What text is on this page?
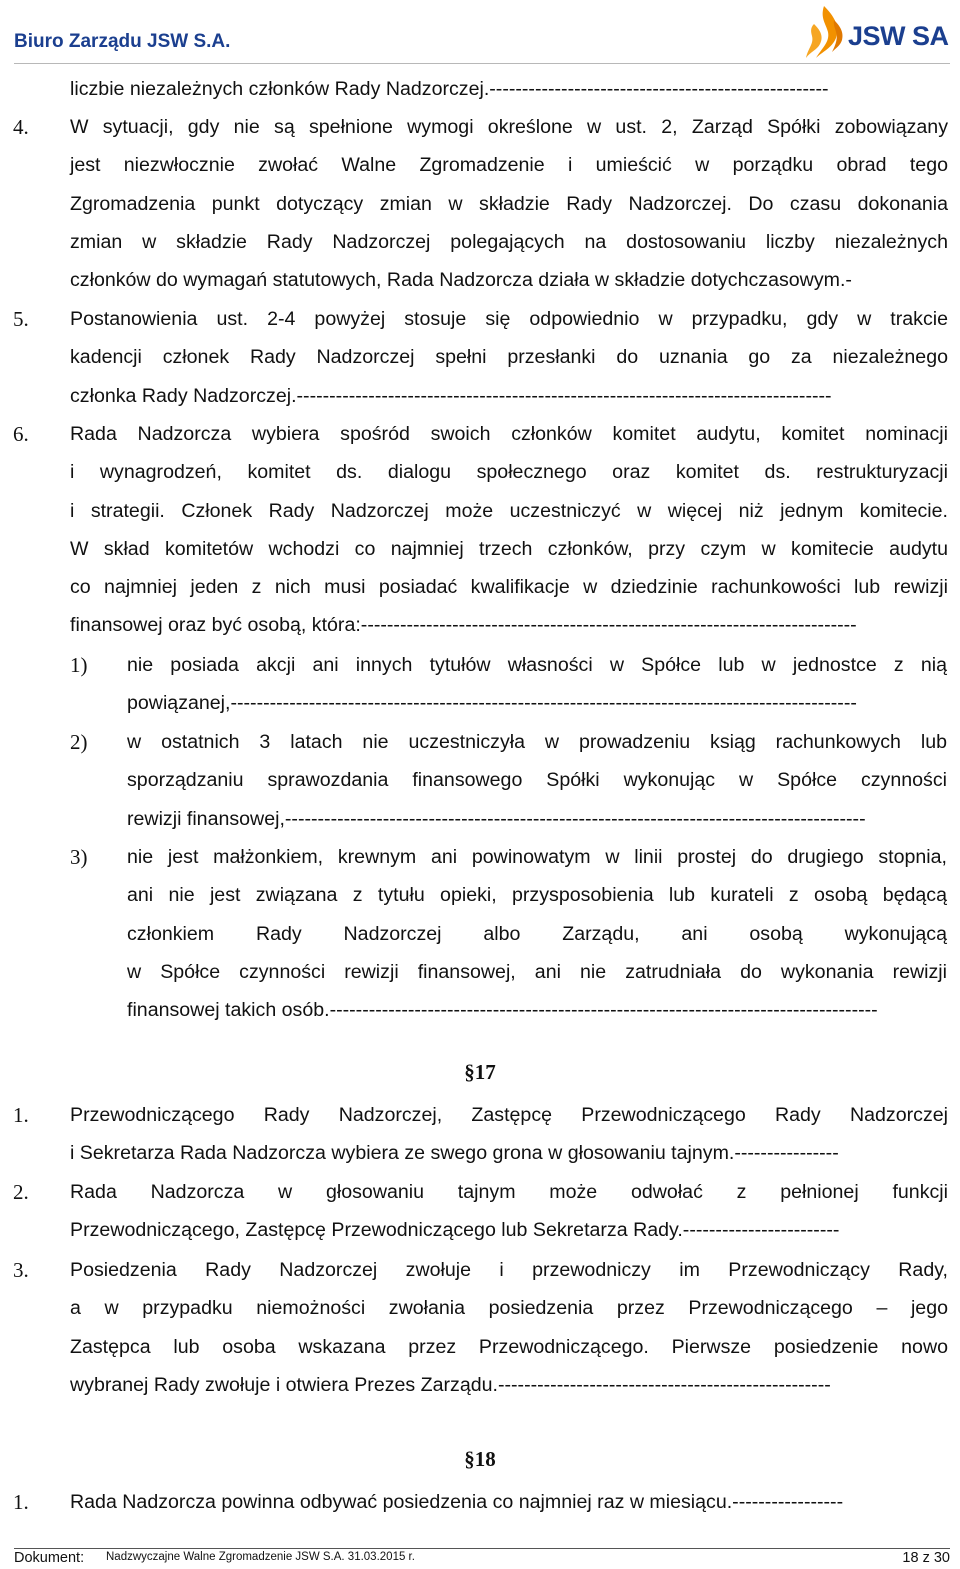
Biuro Zarządu JSW S.A.	JSW SA
liczbie niezależnych członków Rady Nadzorczej.----------------------------------------------------
4. W sytuacji, gdy nie są spełnione wymogi określone w ust. 2, Zarząd Spółki zobowiązany
jest niezwłocznie zwołać Walne Zgromadzenie i umieścić w porządku obrad tego
Zgromadzenia punkt dotyczący zmian w składzie Rady Nadzorczej. Do czasu dokonania
zmian w składzie Rady Nadzorczej polegających na dostosowaniu liczby niezależnych
członków do wymagań statutowych, Rada Nadzorcza działa w składzie dotychczasowym.-
5. Postanowienia ust. 2-4 powyżej stosuje się odpowiednio w przypadku, gdy w trakcie
kadencji członek Rady Nadzorczej spełni przesłanki do uznania go za niezależnego
członka Rady Nadzorczej.----------------------------------------------------------------------------------
6. Rada Nadzorcza wybiera spośród swoich członków komitet audytu, komitet nominacji
i wynagrodzeń, komitet ds. dialogu społecznego oraz komitet ds. restrukturyzacji
i strategii. Członek Rady Nadzorczej może uczestniczyć w więcej niż jednym komitecie.
W skład komitetów wchodzi co najmniej trzech członków, przy czym w komitecie audytu
co najmniej jeden z nich musi posiadać kwalifikacje w dziedzinie rachunkowości lub rewizji
finansowej oraz być osobą, która:----------------------------------------------------------------------------
1) nie posiada akcji ani innych tytułów własności w Spółce lub w jednostce z nią
powiązanej,------------------------------------------------------------------------------------------------
2) w ostatnich 3 latach nie uczestniczyła w prowadzeniu ksiąg rachunkowych lub
sporządzaniu sprawozdania finansowego Spółki wykonując w Spółce czynności
rewizji finansowej,-----------------------------------------------------------------------------------------
3) nie jest małżonkiem, krewnym ani powinowatym w linii prostej do drugiego stopnia,
ani nie jest związana z tytułu opieki, przysposobienia lub kurateli z osobą będącą
członkiem Rady Nadzorczej albo Zarządu, ani osobą wykonującą
w Spółce czynności rewizji finansowej, ani nie zatrudniała do wykonania rewizji
finansowej takich osób.------------------------------------------------------------------------------------
§17
1. Przewodniczącego Rady Nadzorczej, Zastępcę Przewodniczącego Rady Nadzorczej
i Sekretarza Rada Nadzorcza wybiera ze swego grona w głosowaniu tajnym.----------------
2. Rada Nadzorcza w głosowaniu tajnym może odwołać z pełnionej funkcji
Przewodniczącego, Zastępcę Przewodniczącego lub Sekretarza Rady.------------------------
3. Posiedzenia Rady Nadzorczej zwołuje i przewodniczy im Przewodniczący Rady,
a w przypadku niemożności zwołania posiedzenia przez Przewodniczącego – jego
Zastępca lub osoba wskazana przez Przewodniczącego. Pierwsze posiedzenie nowo
wybranej Rady zwołuje i otwiera Prezes Zarządu.---------------------------------------------------
§18
1. Rada Nadzorcza powinna odbywać posiedzenia co najmniej raz w miesiącu.-----------------
Dokument: Nadzwyczajne Walne Zgromadzenie JSW S.A. 31.03.2015 r.	18 z 30
